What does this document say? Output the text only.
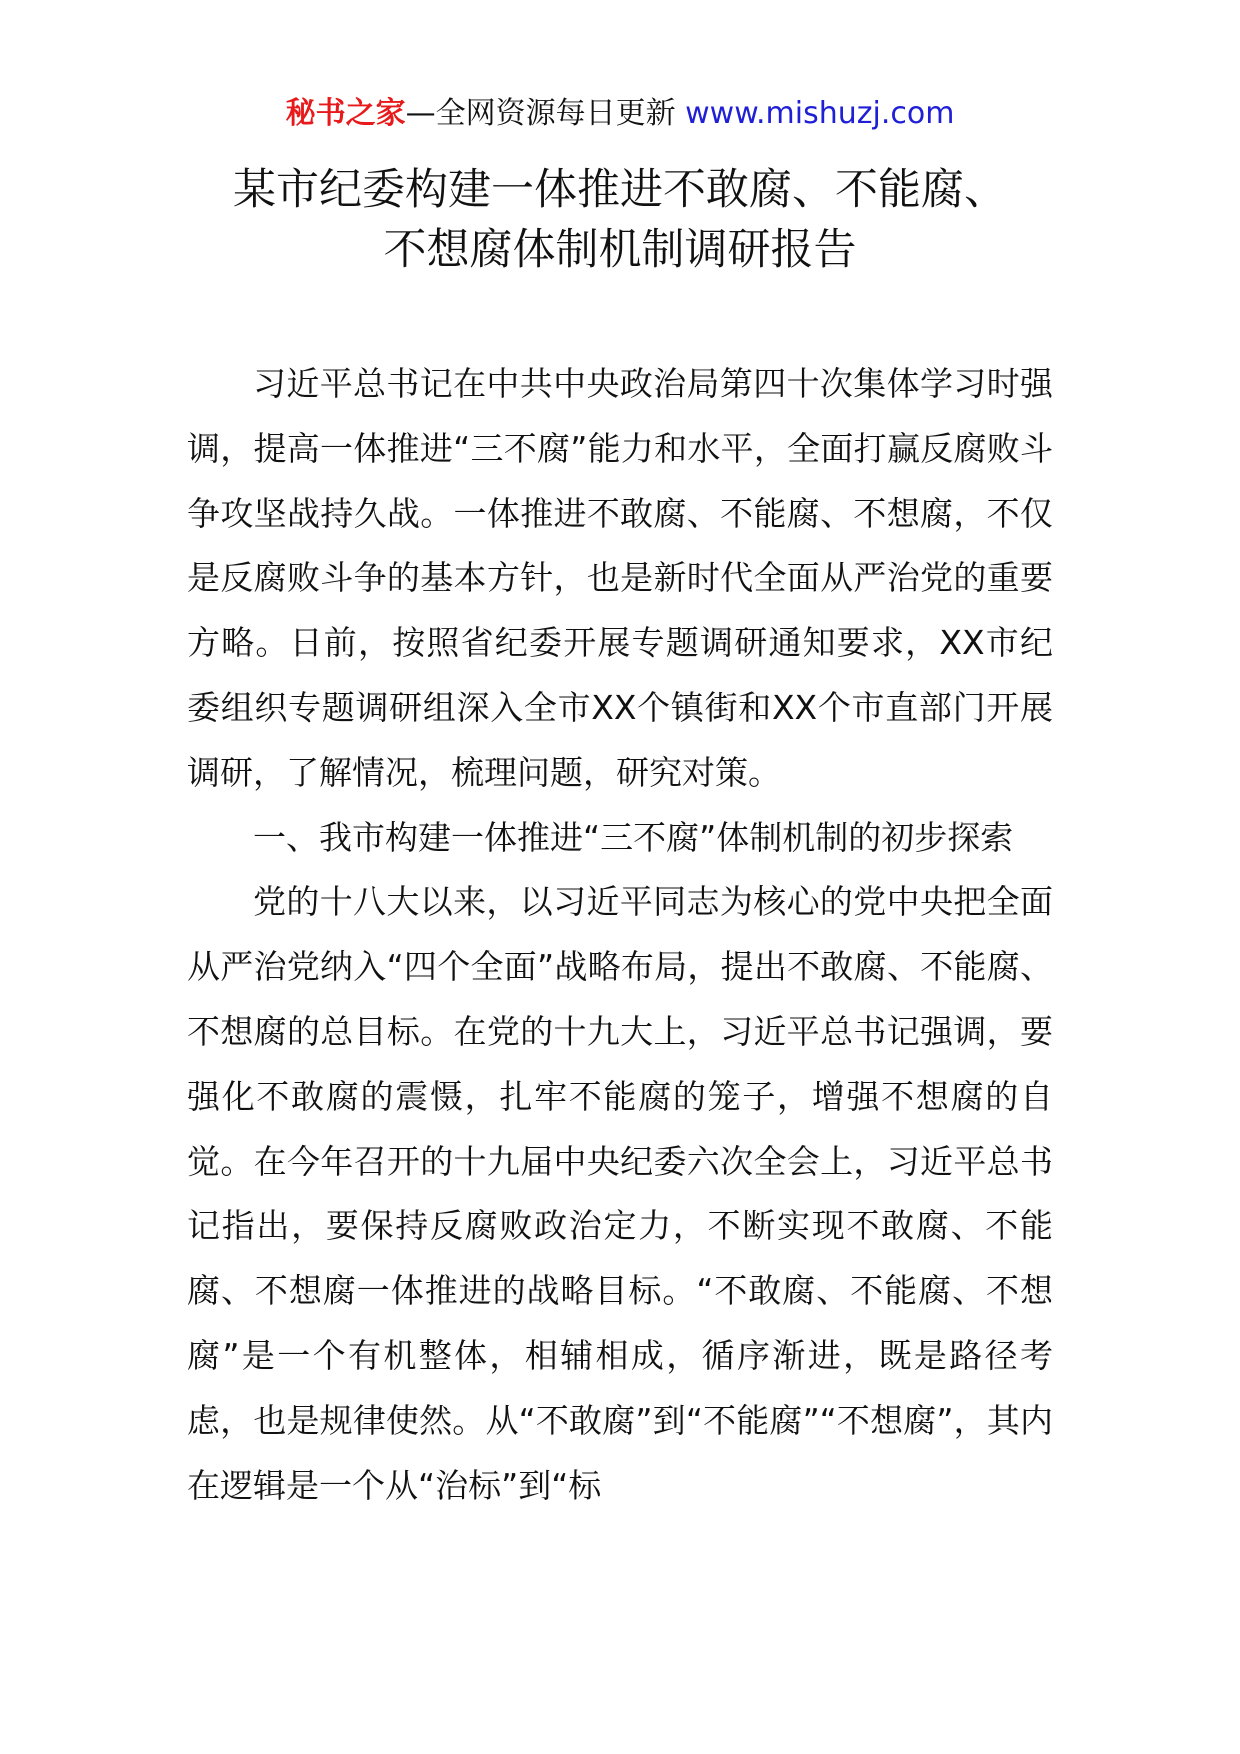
秘书之家—全网资源每日更新 www.mishuzj.com
某市纪委构建一体推进不敢腐、不能腐、
不想腐体制机制调研报告

习近平总书记在中共中央政治局第四十次集体学习时强调，提高一体推进“三不腐”能力和水平，全面打赢反腐败斗争攻坚战持久战。一体推进不敢腐、不能腐、不想腐，不仅是反腐败斗争的基本方针，也是新时代全面从严治党的重要方略。日前，按照省纪委开展专题调研通知要求，XX市纪委组织专题调研组深入全市XX个镇街和XX个市直部门开展调研，了解情况，梳理问题，研究对策。

一、我市构建一体推进“三不腐”体制机制的初步探索

党的十八大以来，以习近平同志为核心的党中央把全面从严治党纳入“四个全面”战略布局，提出不敢腐、不能腐、不想腐的总目标。在党的十九大上，习近平总书记强调，要强化不敢腐的震慑，扎牢不能腐的笼子，增强不想腐的自觉。在今年召开的十九届中央纪委六次全会上，习近平总书记指出，要保持反腐败政治定力，不断实现不敢腐、不能腐、不想腐一体推进的战略目标。“不敢腐、不能腐、不想腐”是一个有机整体，相辅相成，循序渐进，既是路径考虑，也是规律使然。从“不敢腐”到“不能腐”“不想腐”，其内在逻辑是一个从“治标”到“标
